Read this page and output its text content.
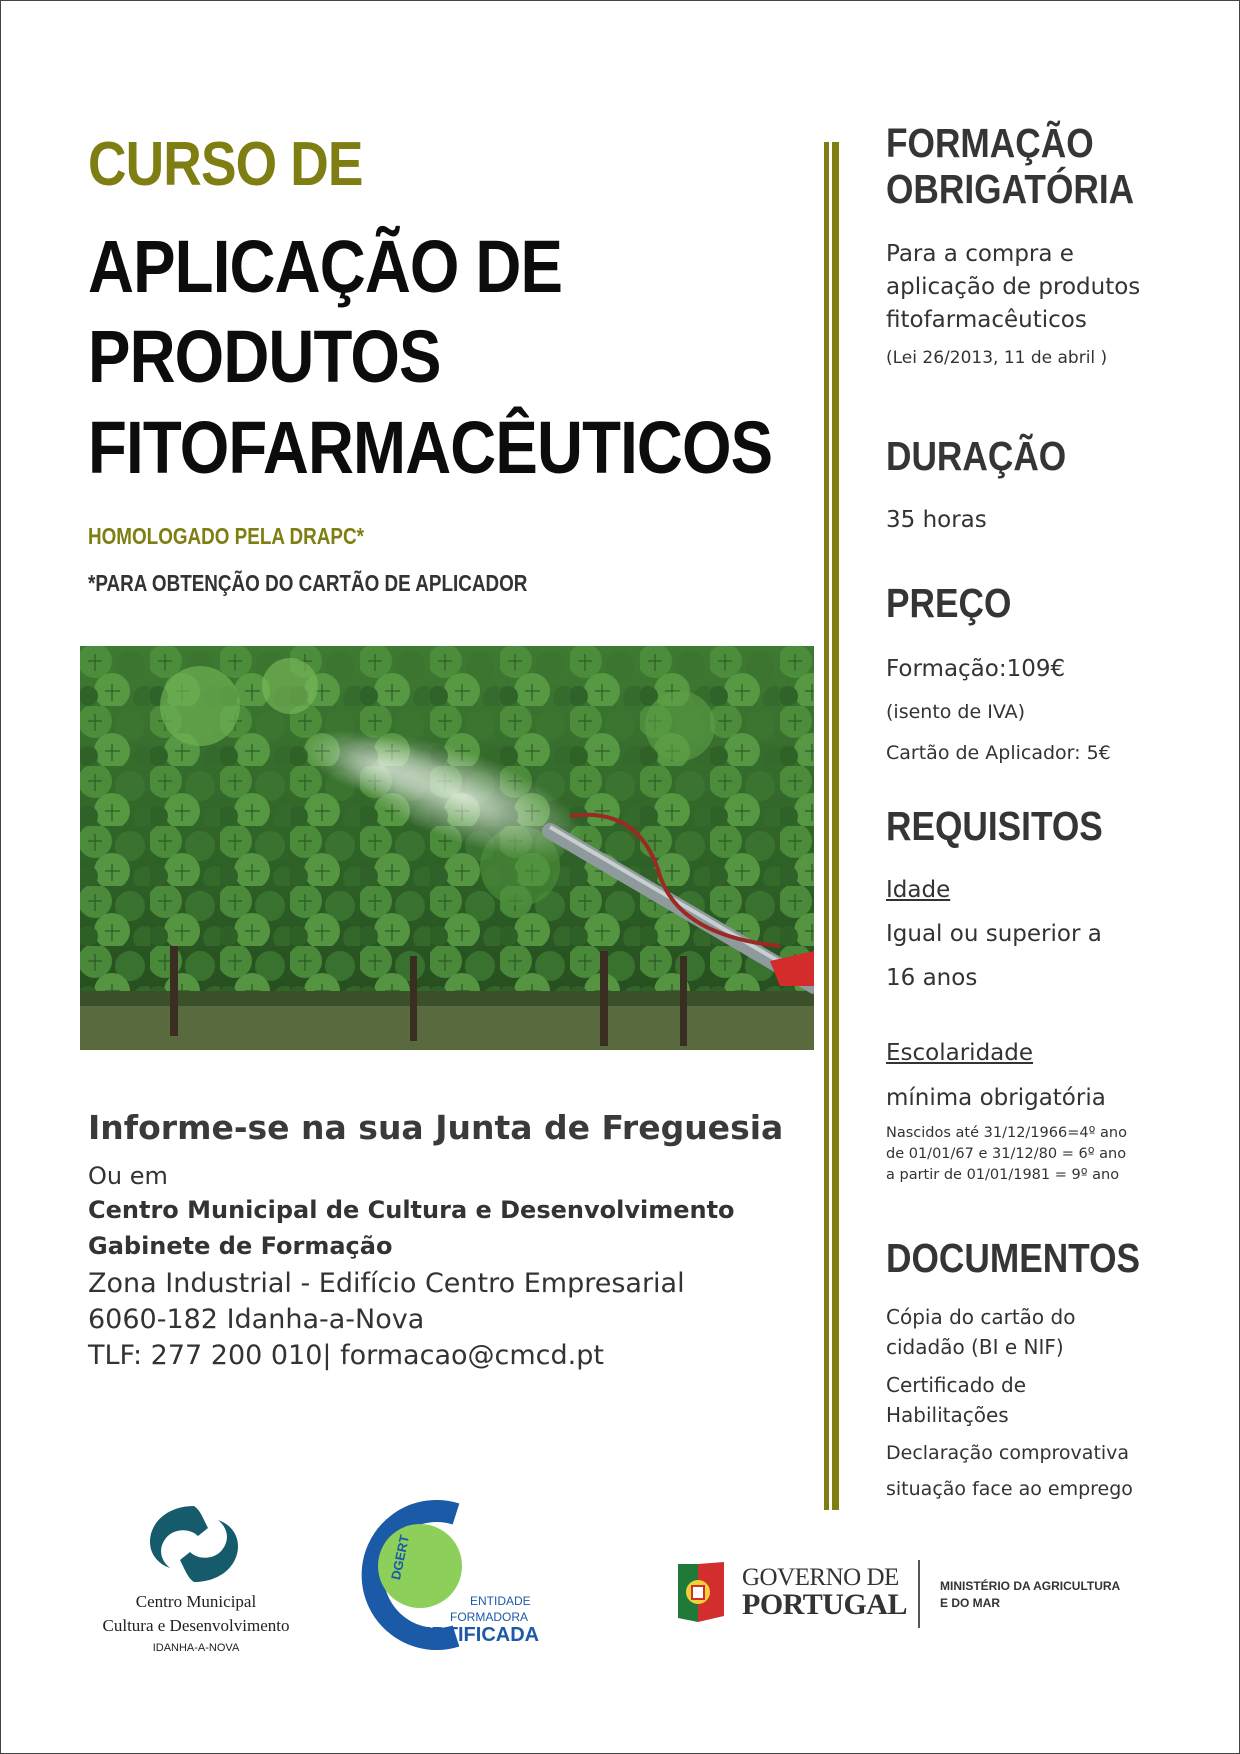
CURSO DE
APLICAÇÃO DE
PRODUTOS
FITOFARMACÊUTICOS
HOMOLOGADO PELA DRAPC*
*PARA OBTENÇÃO DO CARTÃO DE APLICADOR
Informe-se na sua Junta de Freguesia
Ou em
Centro Municipal de Cultura e Desenvolvimento
Gabinete de Formação
Zona Industrial - Edifício Centro Empresarial
6060-182 Idanha-a-Nova
TLF: 277 200 010| formacao@cmcd.pt
FORMAÇÃO
OBRIGATÓRIA
Para a compra e
aplicação de produtos
fitofarmacêuticos
(Lei 26/2013, 11 de abril )
DURAÇÃO
35 horas
PREÇO
Formação:109€
(isento de IVA)
Cartão de Aplicador: 5€
REQUISITOS
Idade
Igual ou superior a
16 anos
Escolaridade
mínima obrigatória
Nascidos até 31/12/1966=4º ano
de 01/01/67 e 31/12/80 = 6º ano
a partir de 01/01/1981 = 9º ano
DOCUMENTOS
Cópia do cartão do
cidadão (BI e NIF)
Certificado de
Habilitações
Declaração comprovativa
situação face ao emprego
Centro Municipal
Cultura e Desenvolvimento
IDANHA-A-NOVA
DGERT
ENTIDADE
FORMADORA
ERTIFICADA
GOVERNO DE
PORTUGAL
MINISTÉRIO DA AGRICULTURA
E DO MAR
